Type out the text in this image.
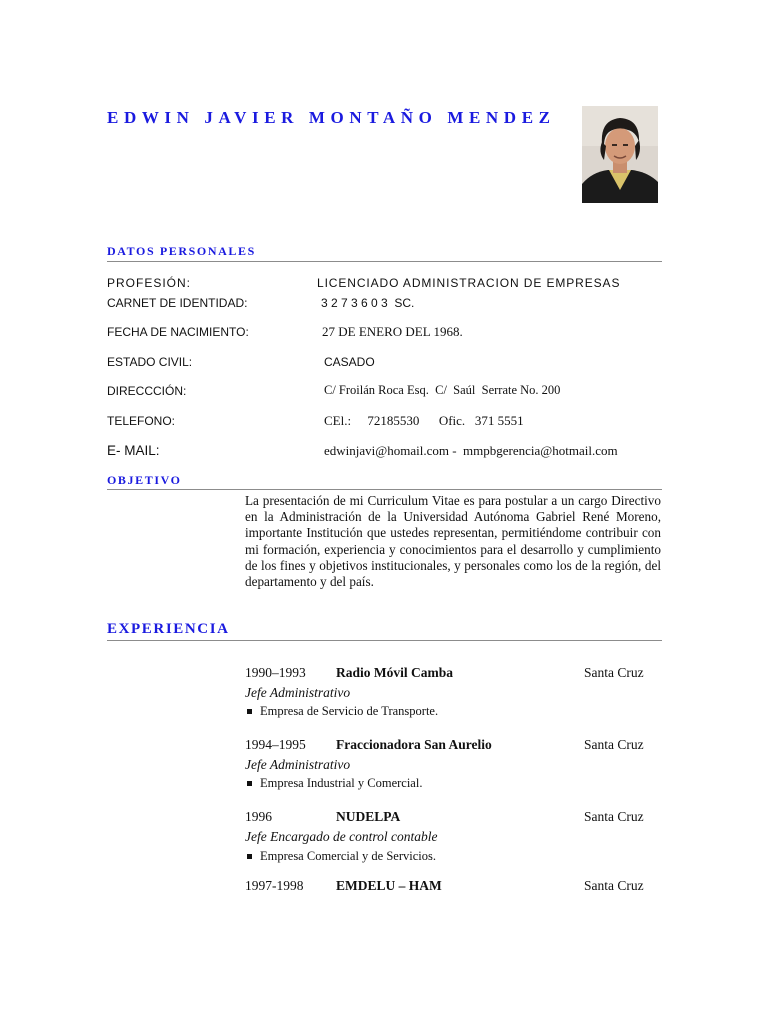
EDWIN JAVIER MONTAÑO MENDEZ
DATOS PERSONALES
PROFESIÓN:	LICENCIADO ADMINISTRACION DE EMPRESAS
CARNET DE IDENTIDAD:	3 2 7 3 6 0 3  SC.
FECHA DE NACIMIENTO:	27 DE ENERO DEL 1968.
ESTADO CIVIL:	CASADO
DIRECCCIÓN:	C/ Froilán Roca Esq.  C/  Saúl  Serrate No. 200
TELEFONO:	CEl.:     72185530      Ofic.   371 5551
E- MAIL:	edwinjavi@homail.com -  mmpbgerencia@hotmail.com
OBJETIVO
La presentación de mi Curriculum Vitae es para postular a un cargo Directivo en la Administración de la Universidad Autónoma Gabriel René Moreno, importante Institución que ustedes representan, permitiéndome contribuir con mi formación, experiencia y conocimientos para el desarrollo y cumplimiento de los fines y objetivos institucionales, y personales como los de la región, del departamento y del país.
EXPERIENCIA
1990–1993 Radio Móvil Camba	Santa Cruz
Jefe Administrativo
Empresa de Servicio de Transporte.
1994–1995 Fraccionadora San Aurelio	Santa Cruz
Jefe Administrativo
Empresa Industrial y Comercial.
1996	NUDELPA	Santa Cruz
Jefe Encargado de control contable
Empresa Comercial y de Servicios.
1997-1998 EMDELU – HAM	Santa Cruz
